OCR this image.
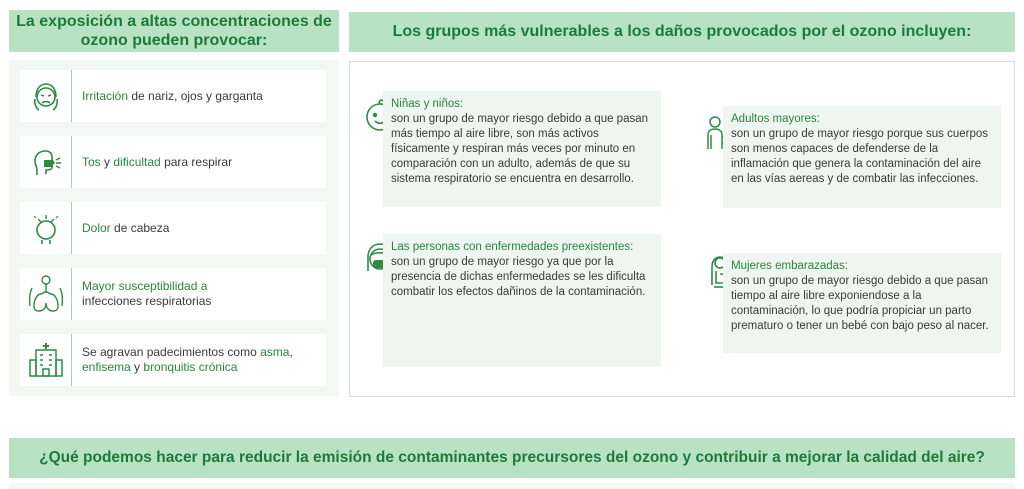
La exposición a altas concentraciones de ozono pueden provocar:
Irritación de nariz, ojos y garganta
Tos y dificultad para respirar
Dolor de cabeza
Mayor susceptibilidad a
infecciones respiratorias
Se agravan padecimientos como asma,
enfisema y bronquitis crónica
Los grupos más vulnerables a los daños provocados por el ozono incluyen:
Niñas y niños:
son un grupo de mayor riesgo debido a que pasan más tiempo al aire libre, son más activos físicamente y respiran más veces por minuto en comparación con un adulto, además de que su sistema respiratorio se encuentra en desarrollo.
Adultos mayores:
son un grupo de mayor riesgo porque sus cuerpos son menos capaces de defenderse de la inflamación que genera la contaminación del aire en las vías aereas y de combatir las infecciones.
Las personas con enfermedades preexistentes:
son un grupo de mayor riesgo ya que por la presencia de dichas enfermedades se les dificulta combatir los efectos dañinos de la contaminación.
Mujeres embarazadas:
son un grupo de mayor riesgo debido a que pasan tiempo al aire libre exponiendose a la contaminación, lo que podría propiciar un parto prematuro o tener un bebé con bajo peso al nacer.
¿Qué podemos hacer para reducir la emisión de contaminantes precursores del ozono y contribuir a mejorar la calidad del aire?
